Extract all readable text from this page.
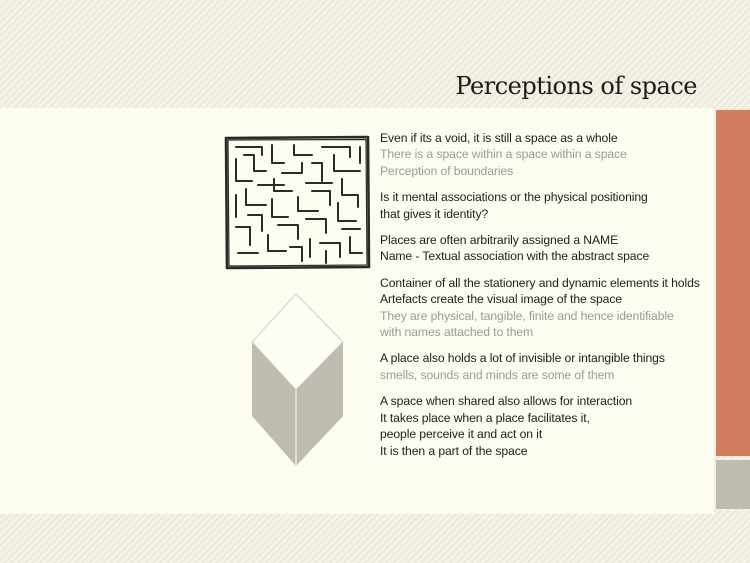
Perceptions of space
Even if its a void, it is still a space as a whole
There is a space within a space within a space
Perception of boundaries
Is it mental associations or the physical positioning
that gives it identity?
Places are often arbitrarily assigned a NAME
Name - Textual association with the abstract space
Container of all the stationery and dynamic elements it holds
Artefacts create the visual image of the space
They are physical, tangible, finite and hence identifiable
with names attached to them
A place also holds a lot of invisible or intangible things
smells, sounds and minds are some of them
A space when shared also allows for interaction
It takes place when a place facilitates it,
people perceive it and act on it
It is then a part of the space
